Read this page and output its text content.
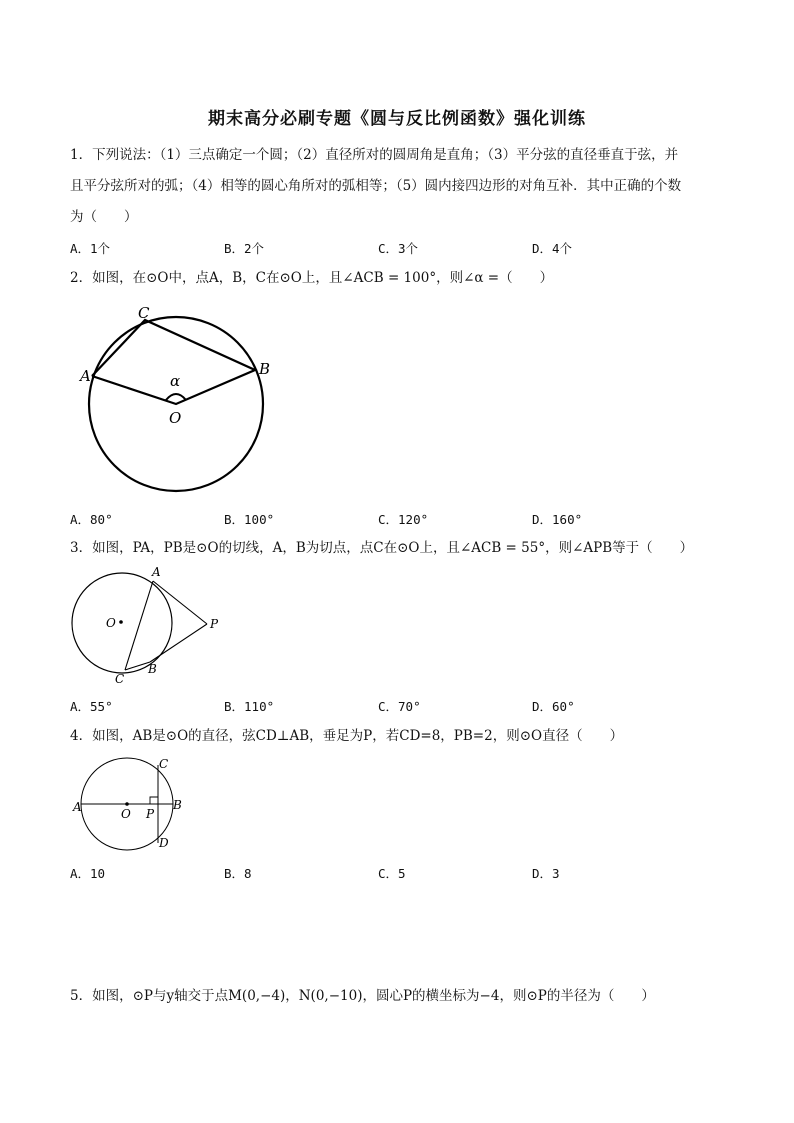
期末高分必刷专题《圆与反比例函数》强化训练
1．下列说法：（1）三点确定一个圆；（2）直径所对的圆周角是直角；（3）平分弦的直径垂直于弦，并
且平分弦所对的弧；（4）相等的圆心角所对的弧相等；（5）圆内接四边形的对角互补．其中正确的个数
为（　　）
A．1个	B．2个	C．3个	D．4个
2．如图，在⊙O中，点A，B，C在⊙O上，且∠ACB = 100°，则∠α =（　　）
C
A	B
α
O
A．80°	B．100°	C．120°	D．160°
3．如图，PA，PB是⊙O的切线，A，B为切点，点C在⊙O上，且∠ACB = 55°，则∠APB等于（　　）
A
O	P
B
C
A．55°	B．110°	C．70°	D．60°
4．如图，AB是⊙O的直径，弦CD⊥AB，垂足为P，若CD=8，PB=2，则⊙O直径（　　）
A	O P
B
C
D
A．10	B．8	C．5	D．3
5．如图，⊙P与y轴交于点M(0,−4)，N(0,−10)，圆心P的横坐标为−4，则⊙P的半径为（　　）
